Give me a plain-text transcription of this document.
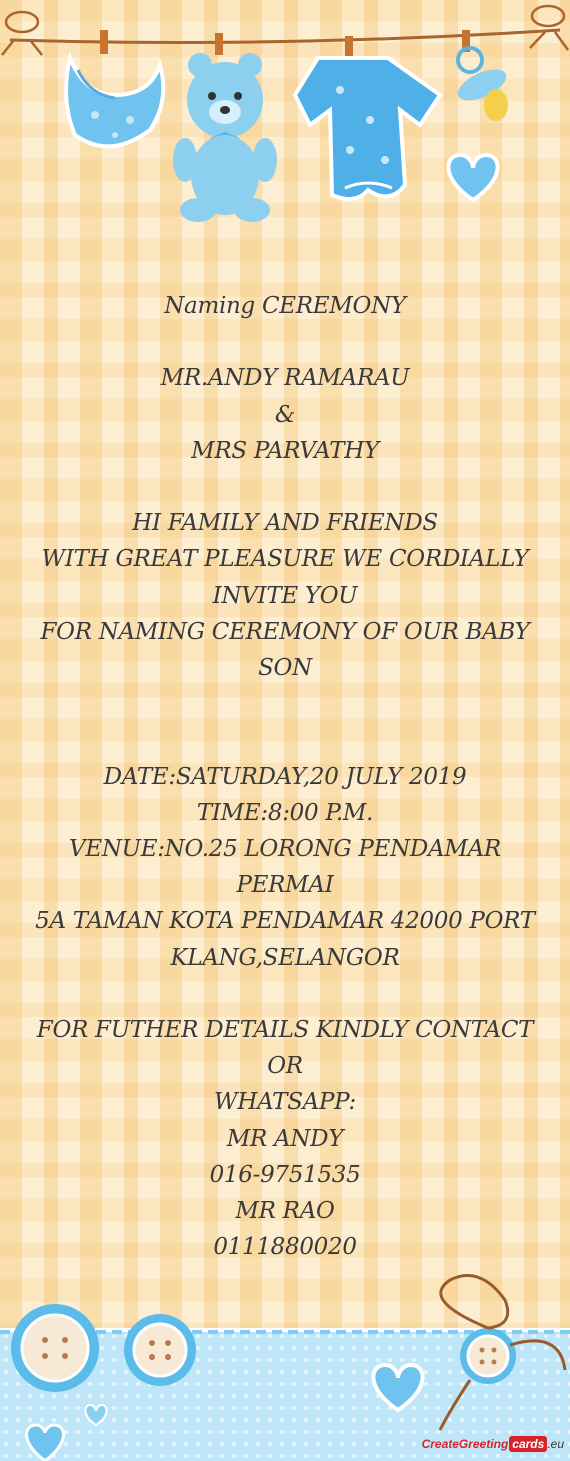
Naming CEREMONY
MR.ANDY RAMARAU
&
MRS PARVATHY
HI FAMILY AND FRIENDS
WITH GREAT PLEASURE WE CORDIALLY
INVITE YOU
FOR NAMING CEREMONY OF OUR BABY
SON
DATE:SATURDAY,20 JULY 2019
TIME:8:00 P.M.
VENUE:NO.25 LORONG PENDAMAR PERMAI
5A TAMAN KOTA PENDAMAR 42000 PORT
KLANG,SELANGOR
FOR FUTHER DETAILS KINDLY CONTACT OR
WHATSAPP:
MR ANDY
016-9751535
MR RAO
0111880020
CreateGreeting cards .eu
